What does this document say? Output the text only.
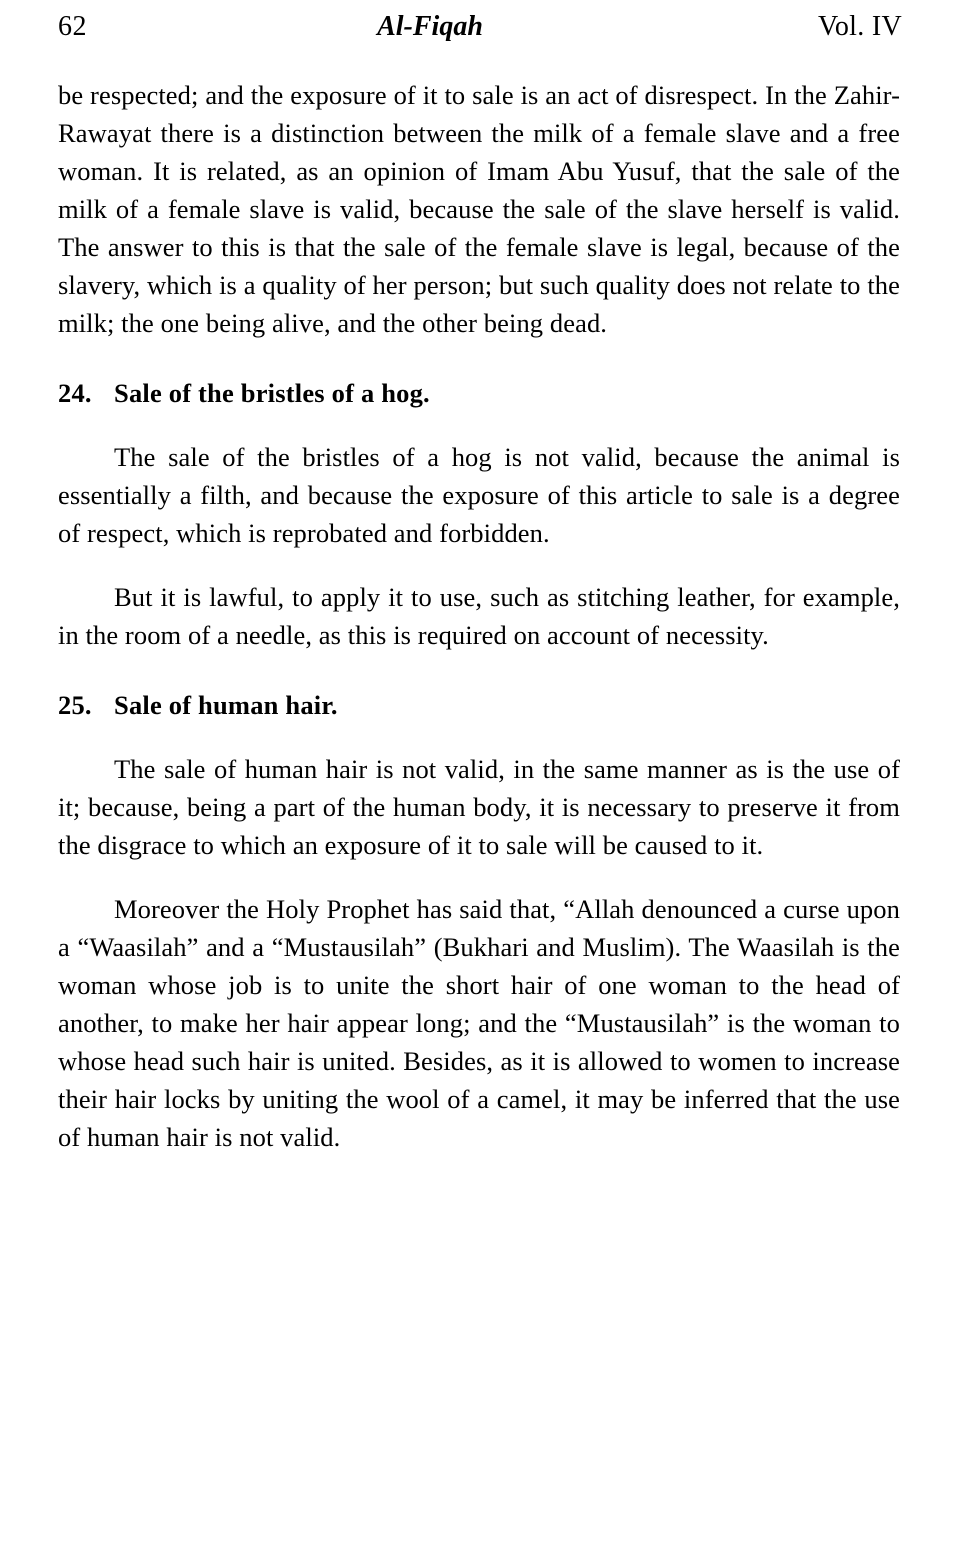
62	Al-Fiqah	Vol. IV

be respected; and the exposure of it to sale is an act of disrespect. In the Zahir-Rawayat there is a distinction between the milk of a female slave and a free woman. It is related, as an opinion of Imam Abu Yusuf, that the sale of the milk of a female slave is valid, because the sale of the slave herself is valid. The answer to this is that the sale of the female slave is legal, because of the slavery, which is a quality of her person; but such quality does not relate to the milk; the one being alive, and the other being dead.

24. Sale of the bristles of a hog.

The sale of the bristles of a hog is not valid, because the animal is essentially a filth, and because the exposure of this article to sale is a degree of respect, which is reprobated and forbidden.

But it is lawful, to apply it to use, such as stitching leather, for example, in the room of a needle, as this is required on account of necessity.

25. Sale of human hair.

The sale of human hair is not valid, in the same manner as is the use of it; because, being a part of the human body, it is necessary to preserve it from the disgrace to which an exposure of it to sale will be caused to it.

Moreover the Holy Prophet has said that, “Allah denounced a curse upon a “Waasilah” and a “Mustausilah” (Bukhari and Muslim). The Waasilah is the woman whose job is to unite the short hair of one woman to the head of another, to make her hair appear long; and the “Mustausilah” is the woman to whose head such hair is united. Besides, as it is allowed to women to increase their hair locks by uniting the wool of a camel, it may be inferred that the use of human hair is not valid.
